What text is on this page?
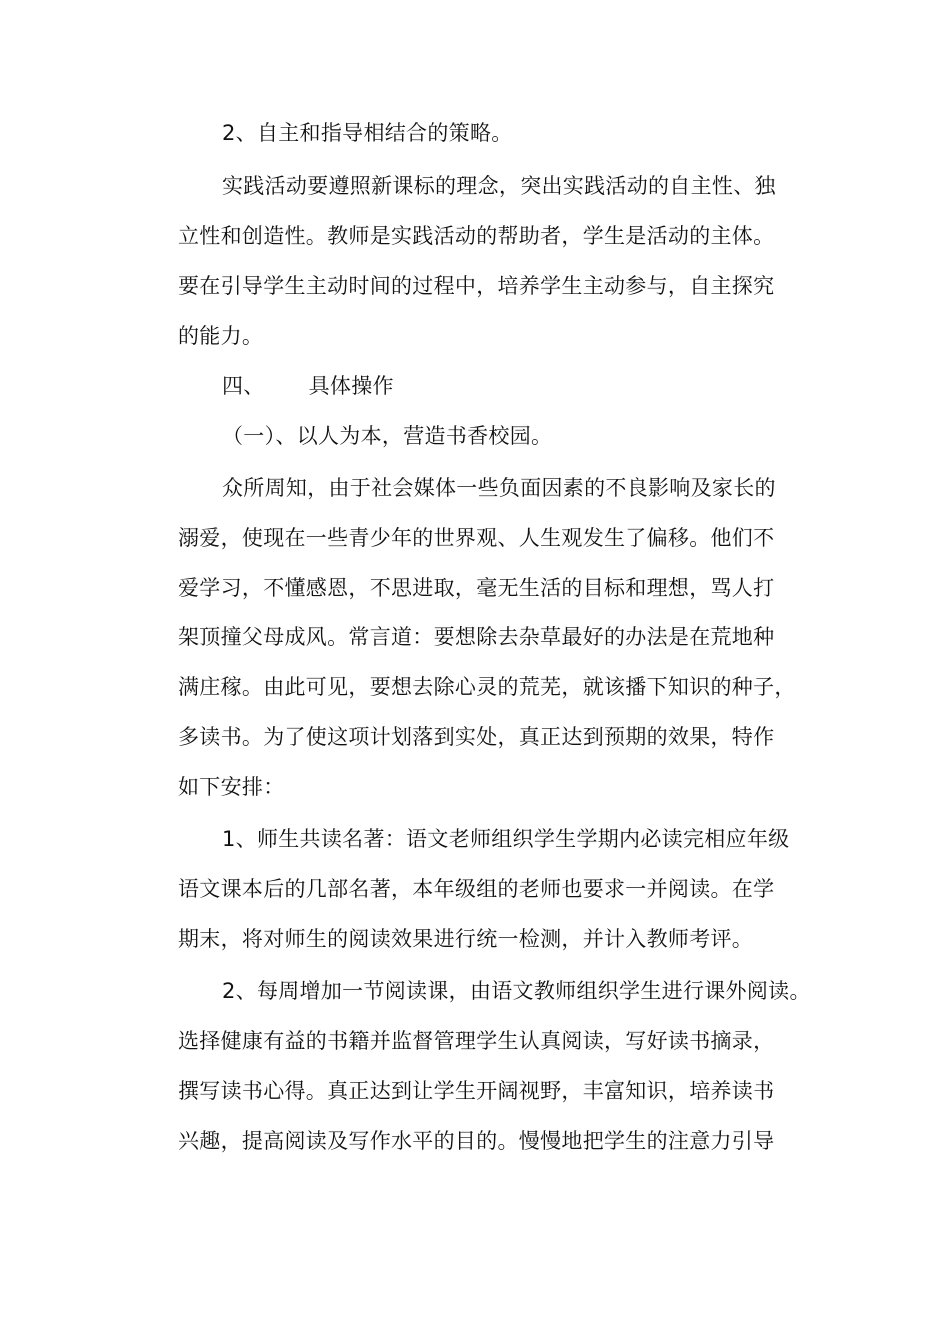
2、自主和指导相结合的策略。
实践活动要遵照新课标的理念，突出实践活动的自主性、独
立性和创造性。教师是实践活动的帮助者，学生是活动的主体。
要在引导学生主动时间的过程中，培养学生主动参与，自主探究
的能力。
四、 具体操作
（一）、以人为本，营造书香校园。
众所周知，由于社会媒体一些负面因素的不良影响及家长的
溺爱，使现在一些青少年的世界观、人生观发生了偏移。他们不
爱学习，不懂感恩，不思进取，毫无生活的目标和理想，骂人打
架顶撞父母成风。常言道：要想除去杂草最好的办法是在荒地种
满庄稼。由此可见，要想去除心灵的荒芜，就该播下知识的种子，
多读书。为了使这项计划落到实处，真正达到预期的效果，特作
如下安排：
1、师生共读名著：语文老师组织学生学期内必读完相应年级
语文课本后的几部名著，本年级组的老师也要求一并阅读。在学
期末，将对师生的阅读效果进行统一检测，并计入教师考评。
2、每周增加一节阅读课，由语文教师组织学生进行课外阅读。
选择健康有益的书籍并监督管理学生认真阅读，写好读书摘录，
撰写读书心得。真正达到让学生开阔视野，丰富知识，培养读书
兴趣，提高阅读及写作水平的目的。慢慢地把学生的注意力引导
